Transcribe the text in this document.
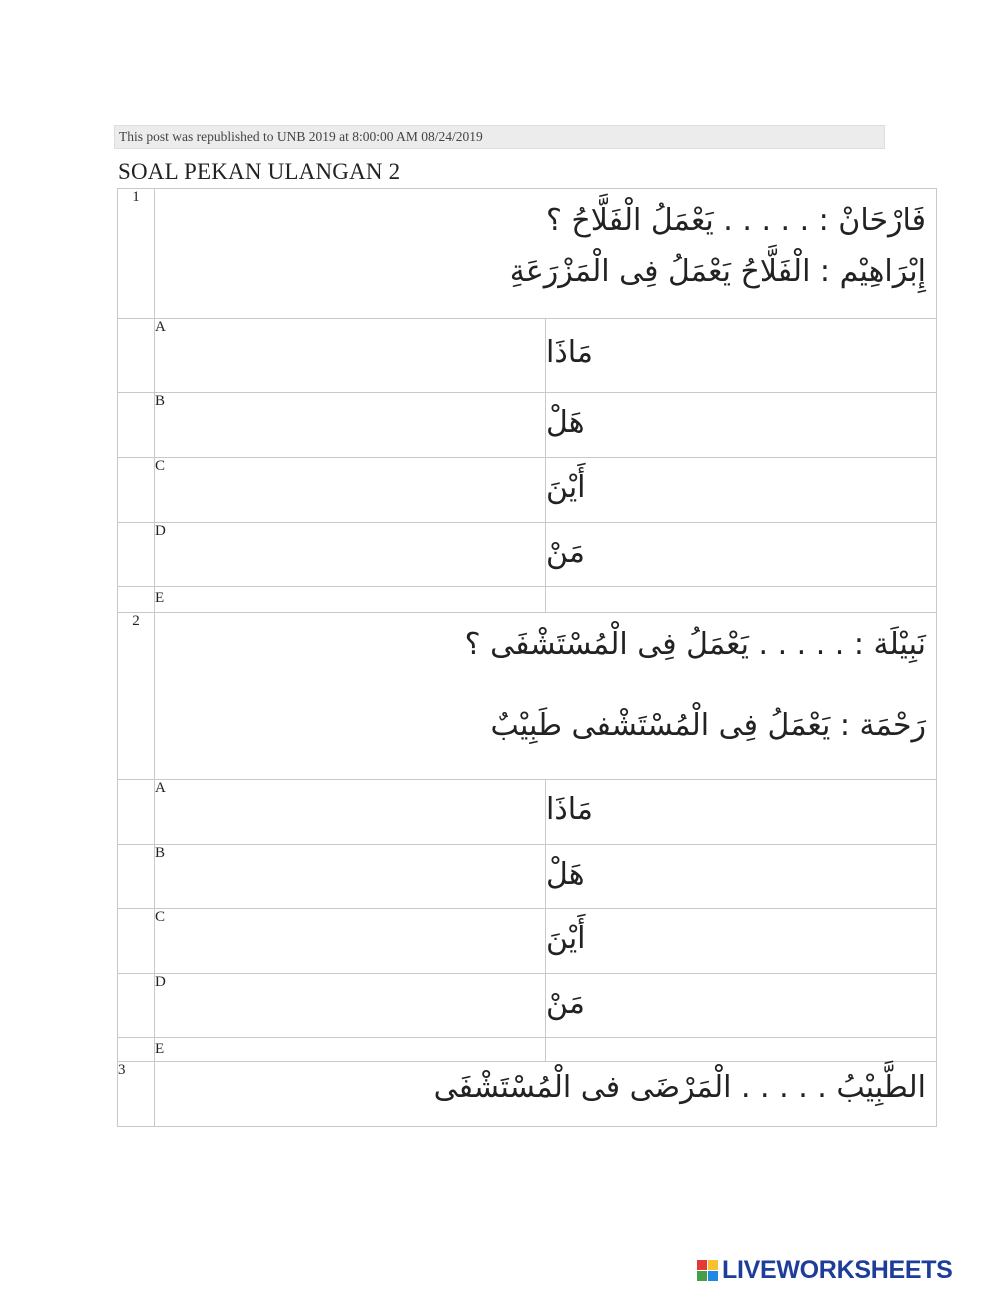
This post was republished to UNB 2019 at 8:00:00 AM 08/24/2019
SOAL PEKAN ULANGAN 2
1	فَارْحَانْ : . . . . . يَعْمَلُ الْفَلَّاحُ ؟
إِبْرَاهِيْم : الْفَلَّاحُ يَعْمَلُ فِى الْمَزْرَعَةِ	

	A	مَاذَا
	B	هَلْ
	C	أَيْنَ
	D	مَنْ
	E	
2	نَبِيْلَة : . . . . . يَعْمَلُ فِى الْمُسْتَشْفَى ؟
رَحْمَة : يَعْمَلُ فِى الْمُسْتَشْفى طَبِيْبٌ	

	A	مَاذَا
	B	هَلْ
	C	أَيْنَ
	D	مَنْ
	E	
3	الطَّبِيْبُ . . . . . الْمَرْضَى فى الْمُسْتَشْفَى	
LIVEWORKSHEETS
